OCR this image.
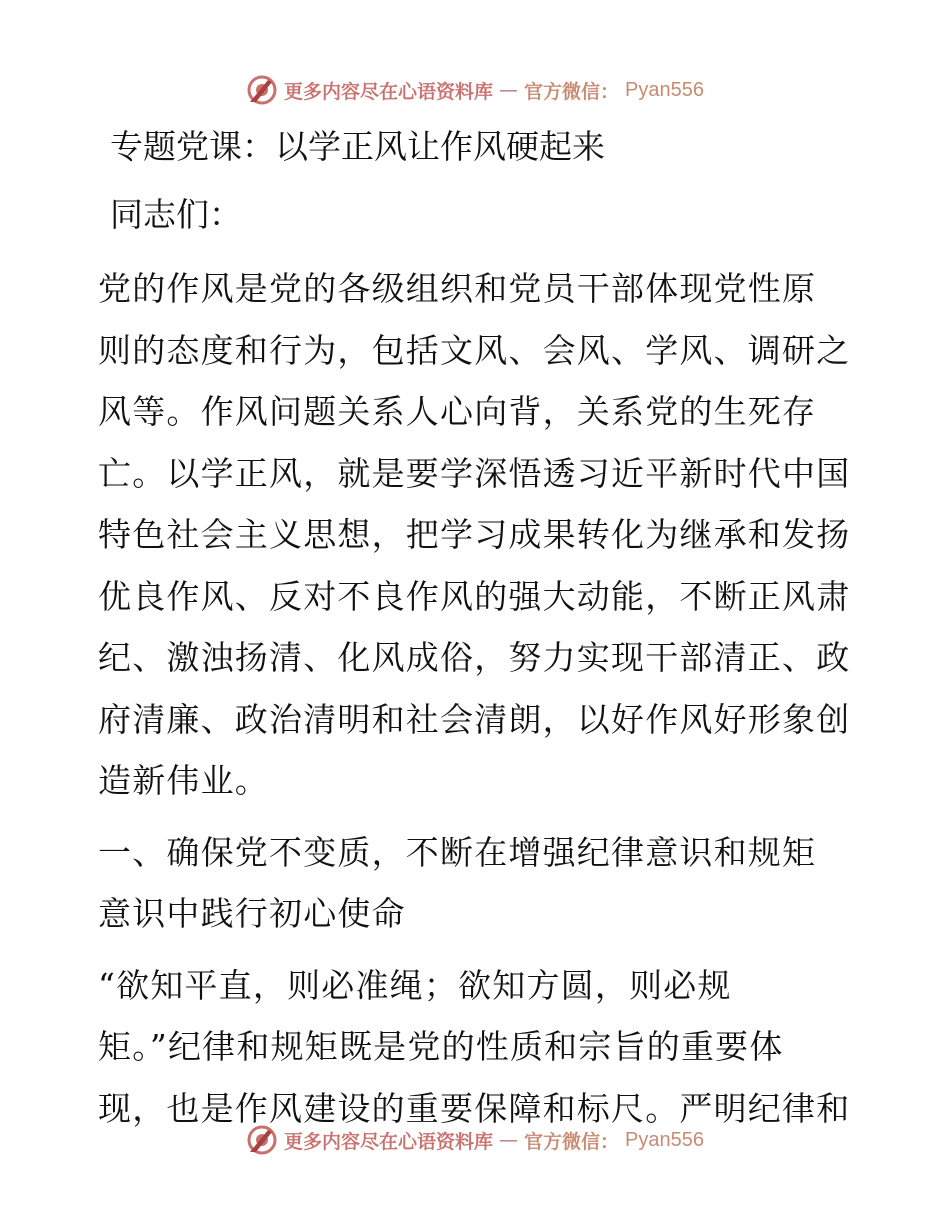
更多内容尽在心语资料库 — 官方微信： Pyan556

专题党课：以学正风让作风硬起来

同志们：

党的作风是党的各级组织和党员干部体现党性原
则的态度和行为，包括文风、会风、学风、调研之
风等。作风问题关系人心向背，关系党的生死存
亡。以学正风，就是要学深悟透习近平新时代中国
特色社会主义思想，把学习成果转化为继承和发扬
优良作风、反对不良作风的强大动能，不断正风肃
纪、激浊扬清、化风成俗，努力实现干部清正、政
府清廉、政治清明和社会清朗，以好作风好形象创
造新伟业。
一、确保党不变质，不断在增强纪律意识和规矩
意识中践行初心使命
“欲知平直，则必准绳；欲知方圆，则必规
矩。”纪律和规矩既是党的性质和宗旨的重要体
现，也是作风建设的重要保障和标尺。严明纪律和
更多内容尽在心语资料库 — 官方微信： Pyan556
